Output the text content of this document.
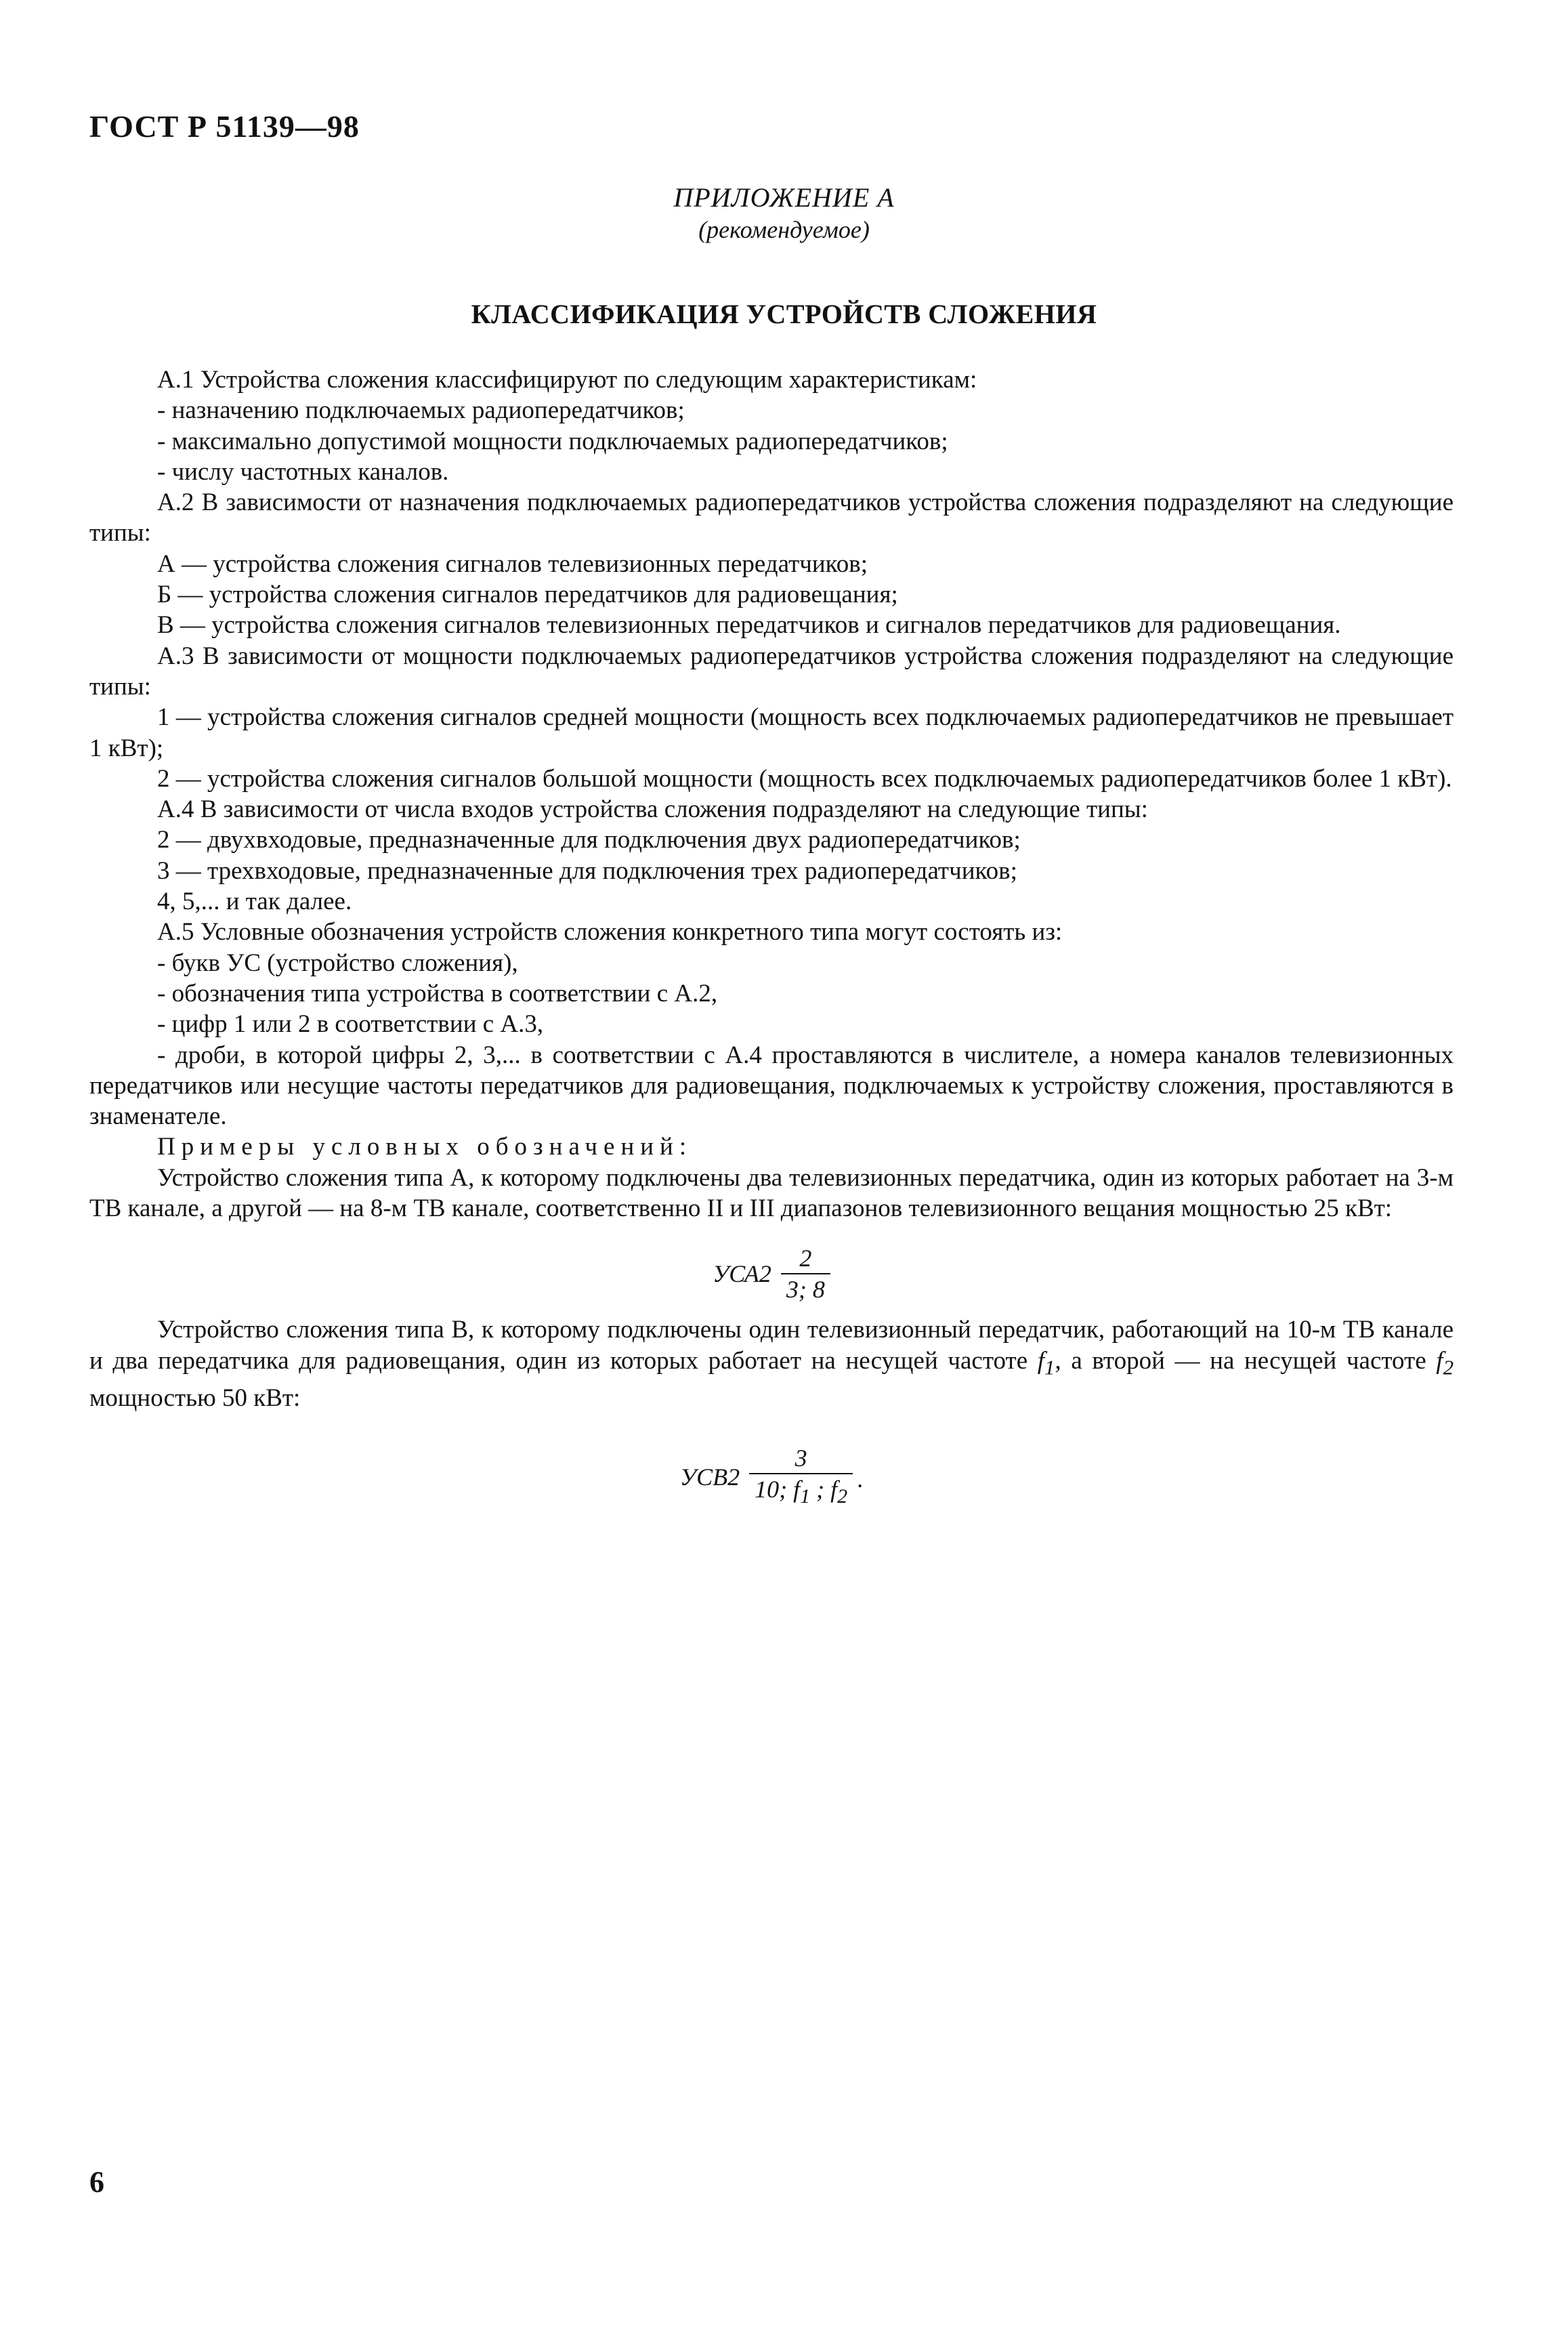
ГОСТ Р 51139—98
ПРИЛОЖЕНИЕ А
(рекомендуемое)
КЛАССИФИКАЦИЯ УСТРОЙСТВ СЛОЖЕНИЯ

А.1 Устройства сложения классифицируют по следующим характеристикам:

- назначению подключаемых радиопередатчиков;

- максимально допустимой мощности подключаемых радиопередатчиков;

- числу частотных каналов.

А.2 В зависимости от назначения подключаемых радиопередатчиков устройства сложения подразделяют на следующие типы:

А — устройства сложения сигналов телевизионных передатчиков;

Б — устройства сложения сигналов передатчиков для радиовещания;

В — устройства сложения сигналов телевизионных передатчиков и сигналов передатчиков для радиовещания.

А.3 В зависимости от мощности подключаемых радиопередатчиков устройства сложения подразделяют на следующие типы:

1 — устройства сложения сигналов средней мощности (мощность всех подключаемых радиопередатчиков не превышает 1 кВт);

2 — устройства сложения сигналов большой мощности (мощность всех подключаемых радиопередатчиков более 1 кВт).

А.4 В зависимости от числа входов устройства сложения подразделяют на следующие типы:

2 — двухвходовые, предназначенные для подключения двух радиопередатчиков;

3 — трехвходовые, предназначенные для подключения трех радиопередатчиков;

4, 5,... и так далее.

А.5 Условные обозначения устройств сложения конкретного типа могут состоять из:

- букв УС (устройство сложения),

- обозначения типа устройства в соответствии с А.2,

- цифр 1 или 2 в соответствии с А.3,

- дроби, в которой цифры 2, 3,... в соответствии с А.4 проставляются в числителе, а номера каналов телевизионных передатчиков или несущие частоты передатчиков для радиовещания, подключаемых к устройству сложения, проставляются в знаменателе.

Примеры условных обозначений:

Устройство сложения типа А, к которому подключены два телевизионных передатчика, один из которых работает на 3-м ТВ канале, а другой — на 8-м ТВ канале, соответственно II и III диапазонов телевизионного вещания мощностью 25 кВт:

$УСА2 \frac{2}{3; 8}$

Устройство сложения типа В, к которому подключены один телевизионный передатчик, работающий на 10-м ТВ канале и два передатчика для радиовещания, один из которых работает на несущей частоте $f_1$, а второй — на несущей частоте $f_2$ мощностью 50 кВт:

$УСВ2 \frac{3}{10; f_1 ; f_2}$ .
6
